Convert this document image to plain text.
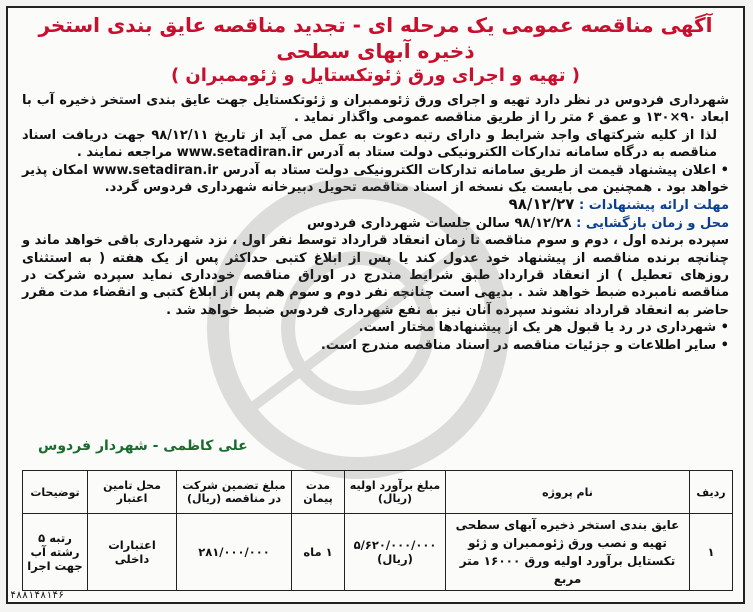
آگهی مناقصه عمومی یک مرحله ای - تجدید مناقصه عایق بندی استخر ذخیره آبهای سطحی
( تهیه و اجرای ورق ژئوتکستایل و ژئوممبران )

شهرداری فردوس در نظر دارد تهیه و اجرای ورق ژئوممبران و ژئوتکستایل جهت عایق بندی استخر ذخیره آب با ابعاد ۹۰×۱۳۰ و عمق ۶ متر را از طریق مناقصه عمومی واگذار نماید .

لذا از کلیه شرکتهای واجد شرایط و دارای رتبه دعوت به عمل می آید از تاریخ ۹۸/۱۲/۱۱ جهت دریافت اسناد مناقصه به درگاه سامانه تدارکات الکترونیکی دولت ستاد به آدرس www.setadiran.ir مراجعه نمایند .

• اعلان پیشنهاد قیمت از طریق سامانه تدارکات الکترونیکی دولت ستاد به آدرس www.setadiran.ir امکان پذیر خواهد بود . همچنین می بایست یک نسخه از اسناد مناقصه تحویل دبیرخانه شهرداری فردوس گردد.

مهلت ارائه پیشنهادات : ۹۸/۱۲/۲۷

محل و زمان بازگشایی : ۹۸/۱۲/۲۸ سالن جلسات شهرداری فردوس

سپرده برنده اول ، دوم و سوم مناقصه تا زمان انعقاد قرارداد توسط نفر اول ، نزد شهرداری باقی خواهد ماند و چنانچه برنده مناقصه از پیشنهاد خود عدول کند یا پس از ابلاغ کتبی حداکثر پس از یک هفته ( به استثنای روزهای تعطیل ) از انعقاد قرارداد طبق شرایط مندرج در اوراق مناقصه خودداری نماید سپرده شرکت در مناقصه نامبرده ضبط خواهد شد . بدیهی است چنانچه نفر دوم و سوم هم پس از ابلاغ کتبی و انقضاء مدت مقرر حاضر به انعقاد قرارداد نشوند سپرده آنان نیز به نفع شهرداری فردوس ضبط خواهد شد .

• شهرداری در رد یا قبول هر یک از پیشنهادها مختار است.

• سایر اطلاعات و جزئیات مناقصه در اسناد مناقصه مندرج است.

علی کاظمی - شهردار فردوس
ردیف	نام پروژه	مبلغ برآورد اولیه (ریال)	مدت پیمان	مبلغ تضمین شرکت در مناقصه (ریال)	محل تامین اعتبار	توضیحات
۱	عایق بندی استخر ذخیره آبهای سطحی تهیه و نصب ورق ژئوممبران و ژئو تکستایل برآورد اولیه ورق ۱۶۰۰۰ متر مربع	۵/۶۲۰/۰۰۰/۰۰۰ (ریال)	۱ ماه	۲۸۱/۰۰۰/۰۰۰	اعتبارات داخلی	رتبه ۵ رشته آب جهت اجرا
۴۸۸۱۴۸۱۴۶
